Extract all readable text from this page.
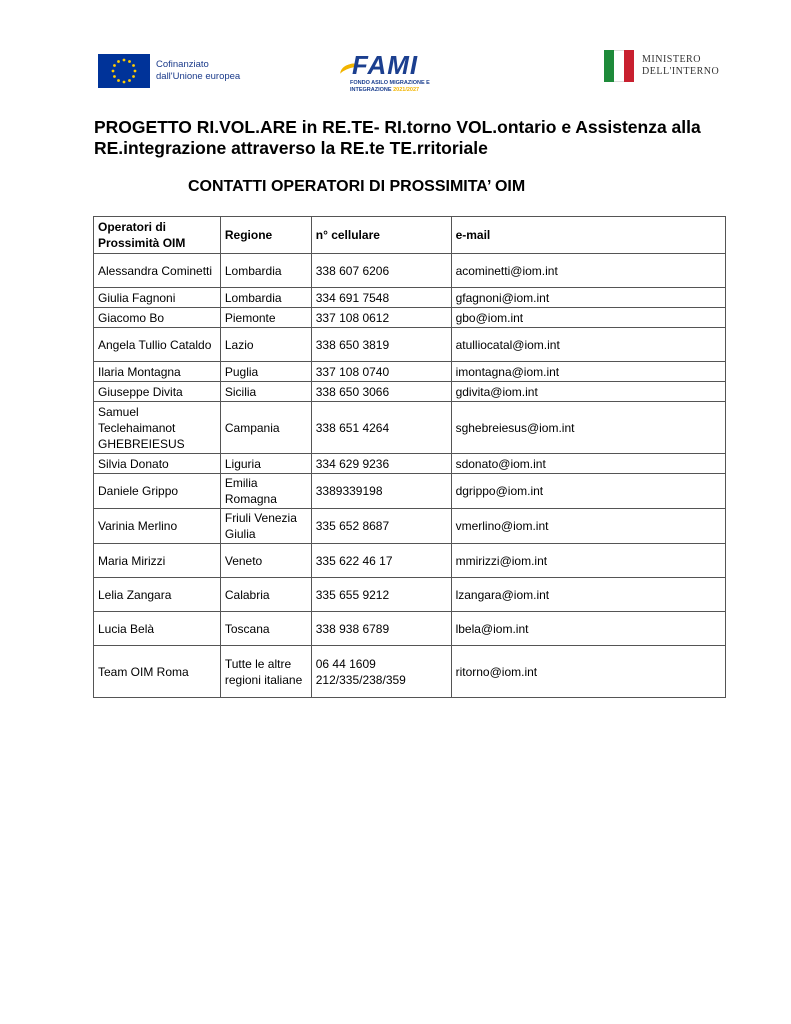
Cofinanziato
dall'Unione europea	FAMI
FONDO ASILO MIGRAZIONE E
INTEGRAZIONE 2021/2027
MINISTERO
DELL'INTERNO
PROGETTO RI.VOL.ARE in RE.TE- RI.torno VOL.ontario e Assistenza alla RE.integrazione attraverso la RE.te TE.rritoriale
CONTATTI OPERATORI DI PROSSIMITA’ OIM
Operatori di Prossimità OIM	Regione	n° cellulare	e-mail
Alessandra Cominetti	Lombardia	338 607 6206	acominetti@iom.int
Giulia Fagnoni	Lombardia	334 691 7548	gfagnoni@iom.int
Giacomo Bo	Piemonte	337 108 0612	gbo@iom.int
Angela Tullio Cataldo	Lazio	338 650 3819	atulliocatal@iom.int
Ilaria Montagna	Puglia	337 108 0740	imontagna@iom.int
Giuseppe Divita	Sicilia	338 650 3066	gdivita@iom.int
Samuel Teclehaimanot GHEBREIESUS	Campania	338 651 4264	sghebreiesus@iom.int
Silvia Donato	Liguria	334 629 9236	sdonato@iom.int
Daniele Grippo	Emilia Romagna	3389339198	dgrippo@iom.int
Varinia Merlino	Friuli Venezia Giulia	335 652 8687	vmerlino@iom.int
Maria Mirizzi	Veneto	335 622 46 17	mmirizzi@iom.int
Lelia Zangara	Calabria	335 655 9212	lzangara@iom.int
Lucia Belà	Toscana	338 938 6789	lbela@iom.int
Team OIM Roma	Tutte le altre regioni italiane	06 44 1609 212/335/238/359	ritorno@iom.int
